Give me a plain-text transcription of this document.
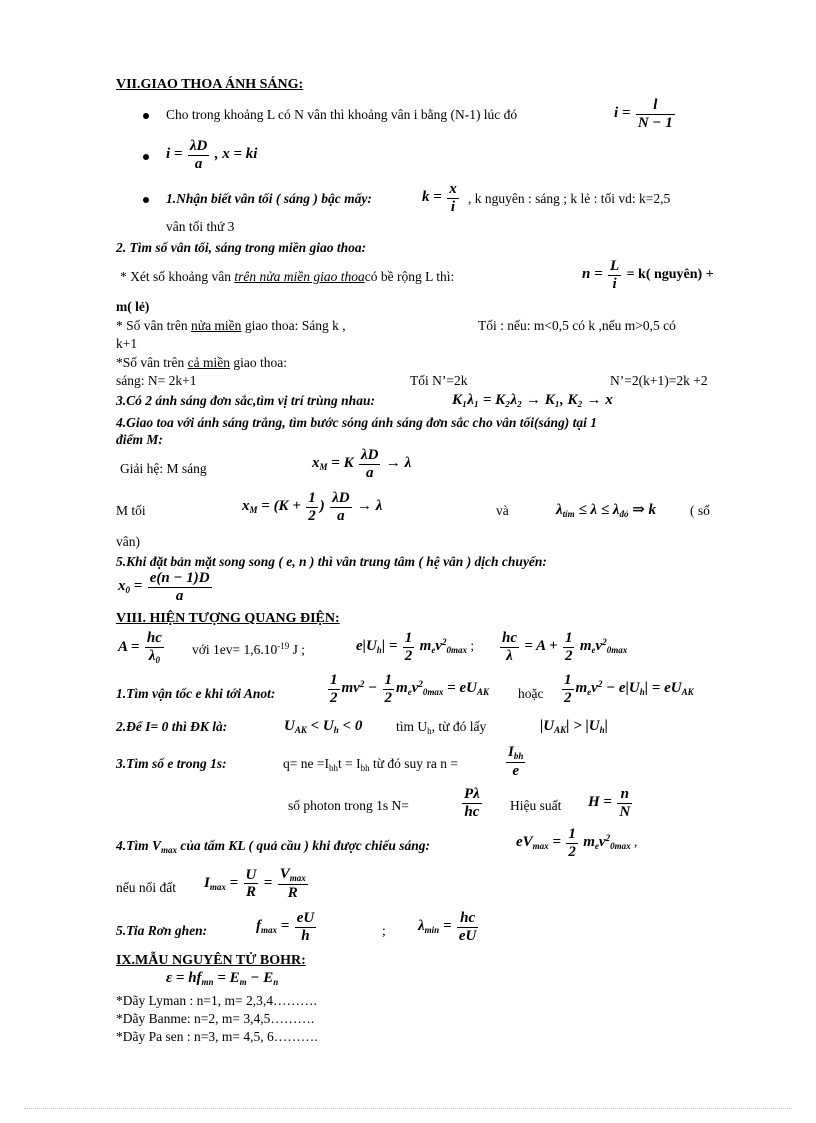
VII.GIAO THOA ÁNH SÁNG:
Cho trong khoảng L có N vân thì khoảng vân i bằng (N-1) lúc đó	$i = \frac{l}{N - 1}$
$i = \frac{\lambda D}{a}$ , x = ki
1.Nhận biết vân tối ( sáng ) bậc mấy:	$k = \frac{x}{i}$ , k nguyên : sáng ; k lẻ : tối vd: k=2,5
vân tối thứ 3
2. Tìm số vân tối, sáng trong miền giao thoa:
* Xét số khoảng vân trên nửa miền giao thoacó bề rộng L thì:	$n = \frac{L}{i} = k$( nguyên) +
m( lẻ)
* Số vân trên nửa miền giao thoa: Sáng k ,	Tối : nếu: m<0,5 có k ,nếu m>0,5 có
k+1
*Số vân trên cả miền giao thoa:
sáng: N= 2k+1	Tối N’=2k	N’=2(k+1)=2k +2
3.Có 2 ánh sáng đơn sắc,tìm vị trí trùng nhau:	K₁λ₁ = K₂λ₂ → K₁, K₂ → x
4.Giao toa với ánh sáng trắng, tìm bước sóng ánh sáng đơn sắc cho vân tối(sáng) tại 1
điểm M:
Giải hệ: M sáng	$x_M = K \frac{\lambda D}{a} \to \lambda$
M tối	$x_M = (K + \frac{1}{2}$ ) $\frac{\lambda D}{a} \to \lambda$	và	$\lambda_{tím} \le \lambda \le \lambda_{đỏ}$ ⇒ k	( số
vân)
5.Khi đặt bản mặt song song ( e, n ) thì vân trung tâm ( hệ vân ) dịch chuyển:
$x_0 = \frac{e(n - 1)D}{a}$
VIII. HIỆN TƯỢNG QUANG ĐIỆN:
$A = \frac{hc}{\lambda_0}$ với $1ev= 1,6.10^{-19}$ J ;	$e|U_h| = \frac{1}{2} m_ev^2_{0max}$ ; $\frac{hc}{\lambda} = A + \frac{1}{2} m_ev^2_{0max}$
1.Tìm vận tốc e khi tới Anot:	$\frac{1}{2} mv^2 - \frac{1}{2} m_ev^2_{0max} = eU_{AK}$ hoặc $\frac{1}{2} m_ev^2 - e|U_h| = eU_{AK}$
2.Để I= 0 thì ĐK là:	$U_{AK} < U_h < 0$ tìm $U_h$, từ đó lấy	$|U_{AK}| > |U_h|$
3.Tìm số e trong 1s:	q= ne $=I_{bh}t = I_{bh}$ từ đó suy ra n =	$\frac{I_{bh}}{e}$
số photon trong 1s N=	$\frac{P\lambda}{hc}$ Hiệu suất $H = \frac{n}{N}$
4.Tìm $V_{max}$ của tấm KL ( quả cầu ) khi được chiếu sáng:	$eV_{max} = \frac{1}{2} m_ev^2_{0max}$ ,
nếu nối đất $I_{max} = \frac{U}{R} = \frac{V_{max}}{R}$
5.Tia Rơn ghen:	$f_{max} = \frac{eU}{h}$	; $\lambda_{min} = \frac{hc}{eU}$
IX.MẪU NGUYÊN TỬ BOHR:
$\varepsilon = hf_{mn} = E_m - E_n$
*Dãy Lyman : n=1, m= 2,3,4……….
*Dãy Banme: n=2, m= 3,4,5……….
*Dãy Pa sen : n=3, m= 4,5, 6……….
